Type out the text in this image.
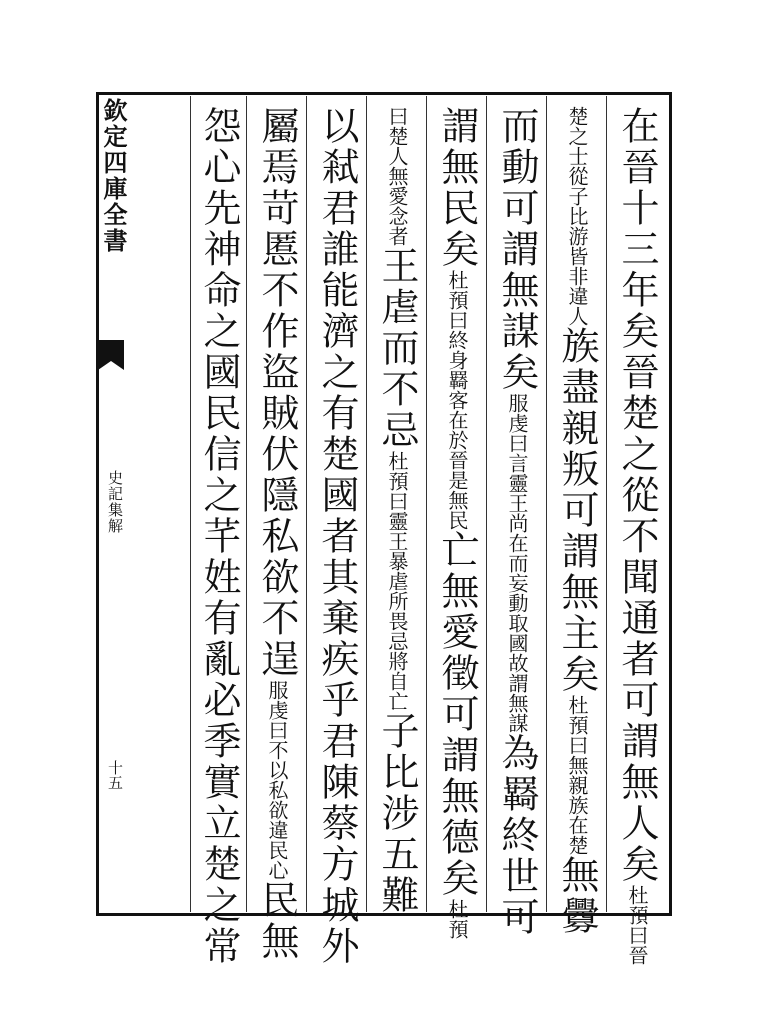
欽定四庫全書
史記集解
十五	在晉十三年矣晉楚之從不聞通者可謂無人矣杜預曰晉
楚之士從子比游皆非違人族盡親叛可謂無主矣杜預曰無親族在楚無釁
而動可謂無謀矣服虔曰言靈王尚在而妄動取國故謂無謀為羇終世可
謂無民矣杜預曰終身羇客在於晉是無民亡無愛徵可謂無德矣杜預
曰楚人無愛念者王虐而不忌杜預曰靈王暴虐所畏忌將自亡子比涉五難
以弒君誰能濟之有楚國者其棄疾乎君陳蔡方城外
屬焉苛慝不作盜賊伏隱私欲不逞服虔曰不以私欲違民心民無
怨心先神命之國民信之芊姓有亂必季實立楚之常
